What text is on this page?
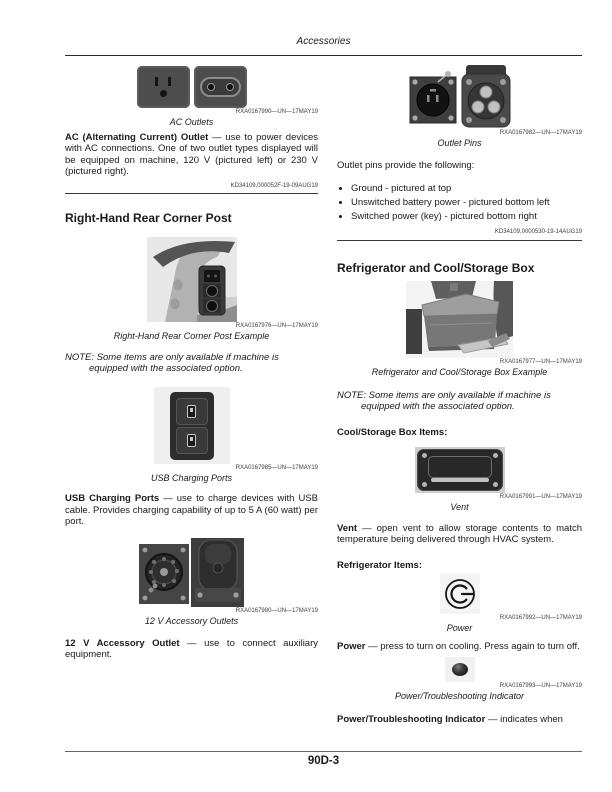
Accessories
RXA0167990—UN—17MAY19
AC Outlets

AC (Alternating Current) Outlet — use to power devices with AC connections. One of two outlet types displayed will be equipped on machine, 120 V (pictured left) or 230 V (pictured right).

KD34109,000052F-19-09AUG19
Right-Hand Rear Corner Post
RXA0167976—UN—17MAY19
Right-Hand Rear Corner Post Example
NOTE: Some items are only available if machine is equipped with the associated option.
RXA0167985—UN—17MAY19
USB Charging Ports

USB Charging Ports — use to charge devices with USB cable. Provides charging capability of up to 5 A (60 watt) per port.

RXA0167980—UN—17MAY19
12 V Accessory Outlets

12 V Accessory Outlet — use to connect auxiliary equipment.

RXA0167982—UN—17MAY19
Outlet Pins

Outlet pins provide the following:

• Ground - pictured at top
• Unswitched battery power - pictured bottom left
• Switched power (key) - pictured bottom right
KD34109,0000530-19-14AUG19
Refrigerator and Cool/Storage Box
RXA0167977—UN—17MAY19
Refrigerator and Cool/Storage Box Example
NOTE: Some items are only available if machine is equipped with the associated option.
Cool/Storage Box Items:
RXA0167991—UN—17MAY19
Vent

Vent — open vent to allow storage contents to match temperature being delivered through HVAC system.

Refrigerator Items:
RXA0167992—UN—17MAY19
Power

Power — press to turn on cooling. Press again to turn off.

RXA0167993—UN—17MAY19
Power/Troubleshooting Indicator

Power/Troubleshooting Indicator — indicates when

90D-3
